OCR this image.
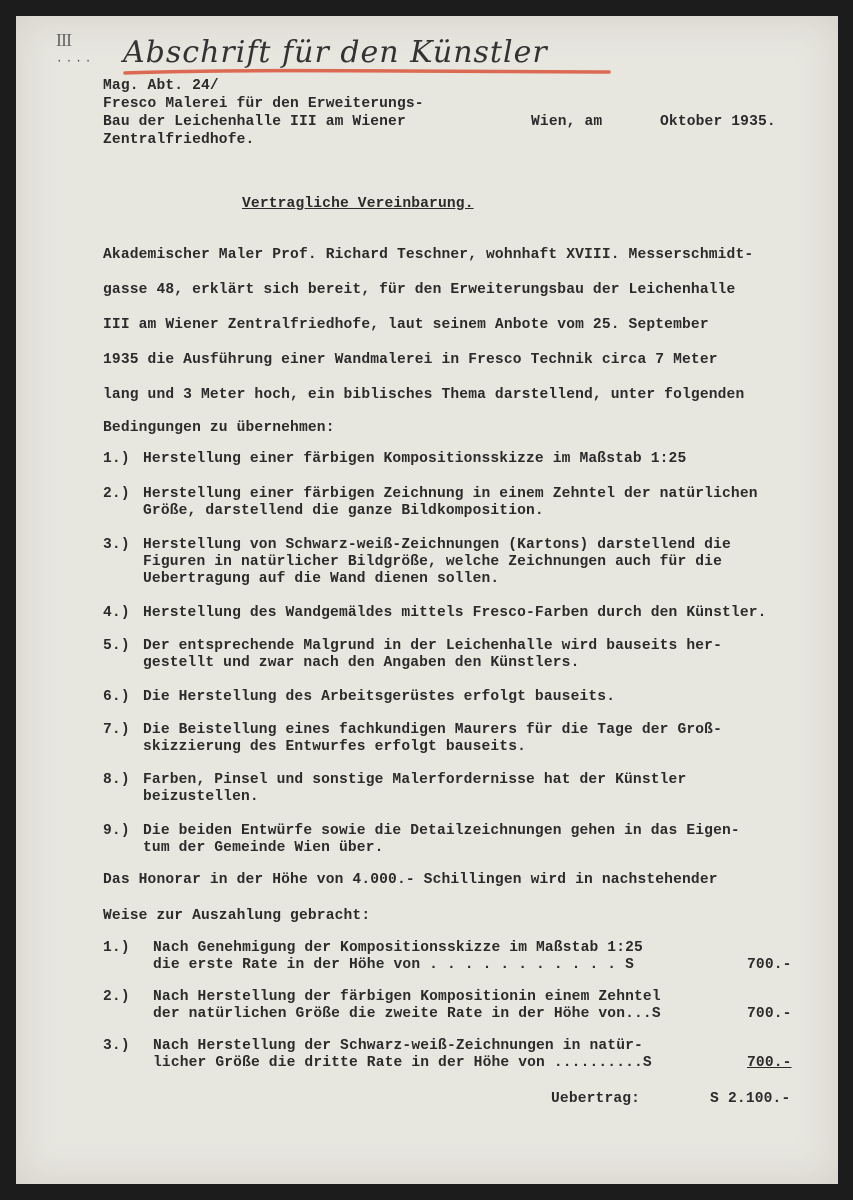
III
···· Abschrift für den Künstler
Mag. Abt. 24/
Fresco Malerei für den Erweiterungs-
Bau der Leichenhalle III am Wiener
Zentralfriedhofe.
Wien, am	Oktober 1935.
Vertragliche Vereinbarung.
Akademischer Maler Prof. Richard Teschner, wohnhaft XVIII. Messerschmidt-
gasse 48, erklärt sich bereit, für den Erweiterungsbau der Leichenhalle
III am Wiener Zentralfriedhofe, laut seinem Anbote vom 25. September
1935 die Ausführung einer Wandmalerei in Fresco Technik circa 7 Meter
lang und 3 Meter hoch, ein biblisches Thema darstellend, unter folgenden
Bedingungen zu übernehmen:
1.) Herstellung einer färbigen Kompositionsskizze im Maßstab 1:25
2.) Herstellung einer färbigen Zeichnung in einem Zehntel der natürlichen
Größe, darstellend die ganze Bildkomposition.
3.) Herstellung von Schwarz-weiß-Zeichnungen (Kartons) darstellend die
Figuren in natürlicher Bildgröße, welche Zeichnungen auch für die
Uebertragung auf die Wand dienen sollen.
4.) Herstellung des Wandgemäldes mittels Fresco-Farben durch den Künstler.
5.) Der entsprechende Malgrund in der Leichenhalle wird bauseits her-
gestellt und zwar nach den Angaben den Künstlers.
6.) Die Herstellung des Arbeitsgerüstes erfolgt bauseits.
7.) Die Beistellung eines fachkundigen Maurers für die Tage der Groß-
skizzierung des Entwurfes erfolgt bauseits.
8.) Farben, Pinsel und sonstige Malerfordernisse hat der Künstler
beizustellen.
9.) Die beiden Entwürfe sowie die Detailzeichnungen gehen in das Eigen-
tum der Gemeinde Wien über.
Das Honorar in der Höhe von 4.000.- Schillingen wird in nachstehender
Weise zur Auszahlung gebracht:
1.) Nach Genehmigung der Kompositionsskizze im Maßstab 1:25
die erste Rate in der Höhe von . . . . . . . . . . . S	700.-
2.) Nach Herstellung der färbigen Kompositionin einem Zehntel
der natürlichen Größe die zweite Rate in der Höhe von...S	700.-
3.) Nach Herstellung der Schwarz-weiß-Zeichnungen in natür-
licher Größe die dritte Rate in der Höhe von ..........S	700.-
Uebertrag:	S 2.100.-
